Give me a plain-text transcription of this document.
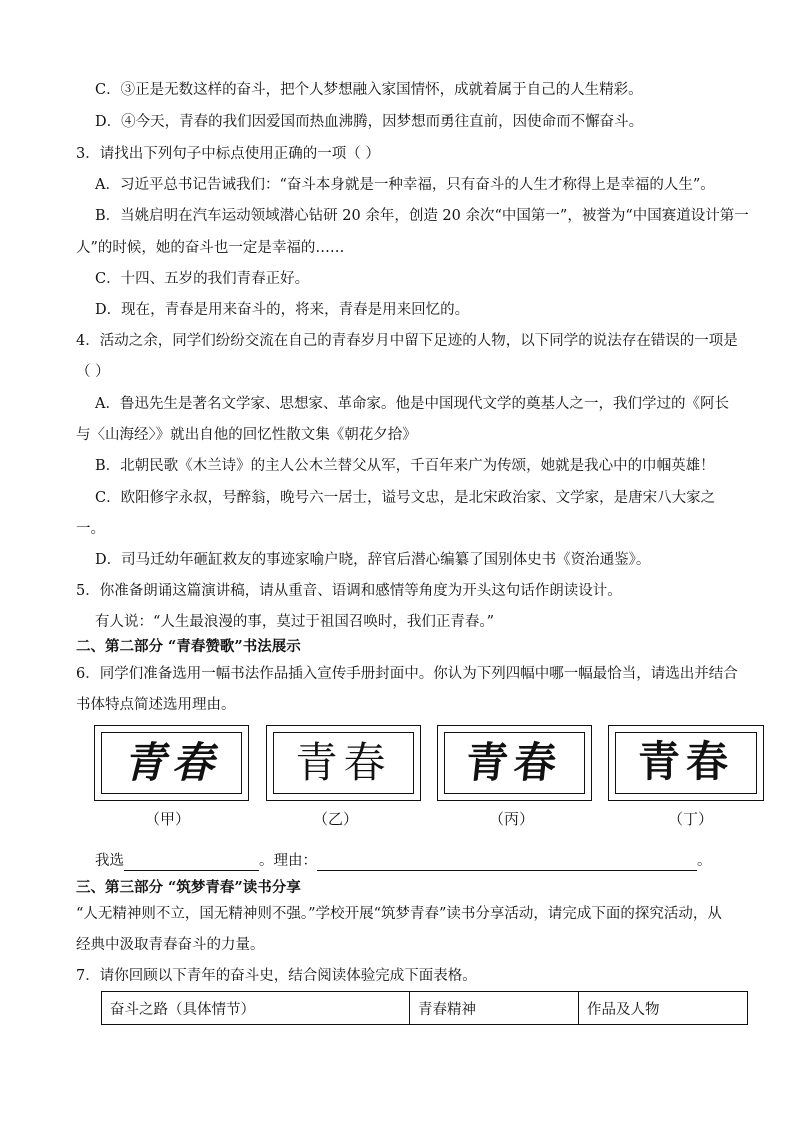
C．③正是无数这样的奋斗，把个人梦想融入家国情怀，成就着属于自己的人生精彩。
D．④今天，青春的我们因爱国而热血沸腾，因梦想而勇往直前，因使命而不懈奋斗。
3．请找出下列句子中标点使用正确的一项（ ）
A．习近平总书记告诫我们：“奋斗本身就是一种幸福，只有奋斗的人生才称得上是幸福的人生”。
B．当姚启明在汽车运动领域潜心钻研 20 余年，创造 20 余次“中国第一”，被誉为“中国赛道设计第一
人”的时候，她的奋斗也一定是幸福的……
C．十四、五岁的我们青春正好。
D．现在，青春是用来奋斗的，将来，青春是用来回忆的。
4．活动之余，同学们纷纷交流在自己的青春岁月中留下足迹的人物，以下同学的说法存在错误的一项是
（ ）
A．鲁迅先生是著名文学家、思想家、革命家。他是中国现代文学的奠基人之一，我们学过的《阿长
与〈山海经〉》就出自他的回忆性散文集《朝花夕拾》
B．北朝民歌《木兰诗》的主人公木兰替父从军，千百年来广为传颂，她就是我心中的巾帼英雄！
C．欧阳修字永叔，号醉翁，晚号六一居士，谥号文忠，是北宋政治家、文学家，是唐宋八大家之
一。
D．司马迁幼年砸缸救友的事迹家喻户晓，辞官后潜心编纂了国别体史书《资治通鉴》。
5．你准备朗诵这篇演讲稿，请从重音、语调和感情等角度为开头这句话作朗读设计。
有人说：“人生最浪漫的事，莫过于祖国召唤时，我们正青春。”
二、第二部分 “青春赞歌”书法展示
6．同学们准备选用一幅书法作品插入宣传手册封面中。你认为下列四幅中哪一幅最恰当，请选出并结合
书体特点简述选用理由。
青春 青春 青春 青春
（甲）	（乙）	（丙）	（丁）
我选	。理由：	。
三、第三部分 “筑梦青春”读书分享
“人无精神则不立，国无精神则不强。”学校开展“筑梦青春”读书分享活动，请完成下面的探究活动，从
经典中汲取青春奋斗的力量。
7．请你回顾以下青年的奋斗史，结合阅读体验完成下面表格。
奋斗之路（具体情节）	青春精神	作品及人物
